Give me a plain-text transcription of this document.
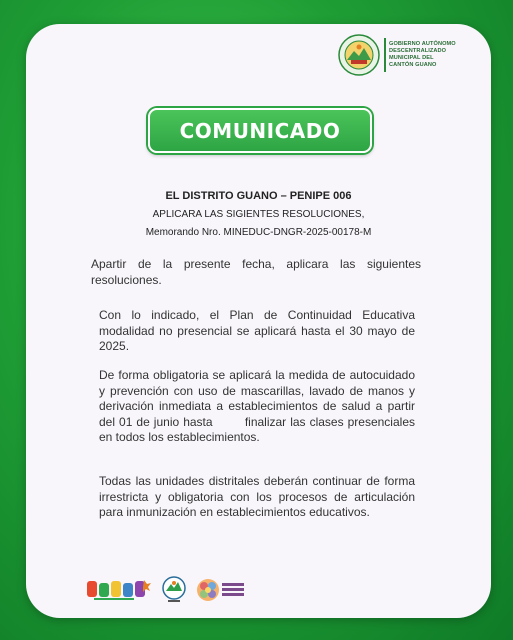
GOBIERNO AUTÓNOMO
DESCENTRALIZADO
MUNICIPAL DEL
CANTÓN GUANO
COMUNICADO
EL DISTRITO GUANO – PENIPE 006
APLICARA LAS SIGIENTES RESOLUCIONES,
Memorando Nro. MINEDUC-DNGR-2025-00178-M
Apartir de la presente fecha, aplicara las siguientes resoluciones.
Con lo indicado, el Plan de Continuidad Educativa modalidad no presencial se aplicará hasta el 30 mayo de 2025.
De forma obligatoria se aplicará la medida de autocuidado y prevención con uso de mascarillas, lavado de manos y derivación inmediata a establecimientos de salud a partir del 01 de junio hasta        finalizar las clases presenciales en todos los establecimientos.
Todas las unidades distritales deberán continuar de forma irrestricta y obligatoria con los procesos de articulación para inmunización en establecimientos educativos.
